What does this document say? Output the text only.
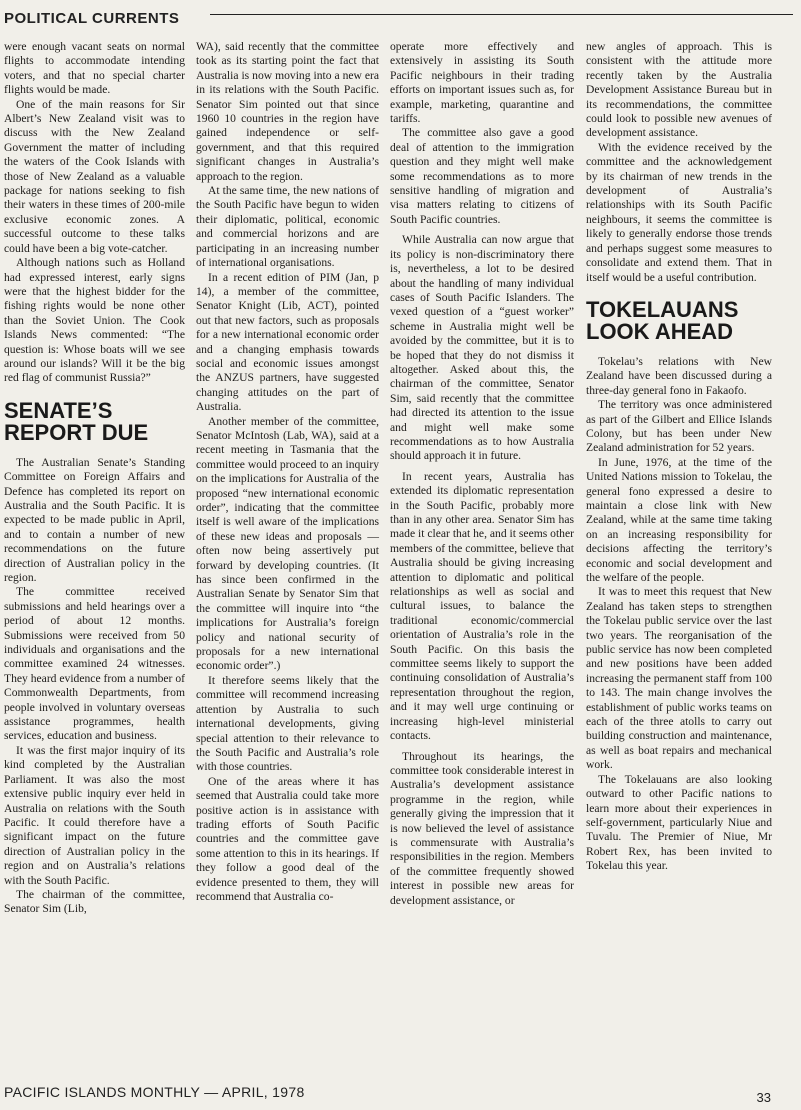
POLITICAL CURRENTS

were enough vacant seats on normal flights to accommodate intending voters, and that no special charter flights would be made.

One of the main reasons for Sir Albert’s New Zealand visit was to discuss with the New Zealand Government the matter of including the waters of the Cook Islands with those of New Zealand as a valuable package for nations seeking to fish their waters in these times of 200-mile exclusive economic zones. A successful outcome to these talks could have been a big vote-catcher.

Although nations such as Holland had expressed interest, early signs were that the highest bidder for the fishing rights would be none other than the Soviet Union. The Cook Islands News commented: “The question is: Whose boats will we see around our islands? Will it be the big red flag of communist Russia?”

SENATE’S REPORT DUE

The Australian Senate’s Standing Committee on Foreign Affairs and Defence has completed its report on Australia and the South Pacific. It is expected to be made public in April, and to contain a number of new recommendations on the future direction of Australian policy in the region.

The committee received submissions and held hearings over a period of about 12 months. Submissions were received from 50 individuals and organisations and the committee examined 24 witnesses. They heard evidence from a number of Commonwealth Departments, from people involved in voluntary overseas assistance programmes, health services, education and business.

It was the first major inquiry of its kind completed by the Australian Parliament. It was also the most extensive public inquiry ever held in Australia on relations with the South Pacific. It could therefore have a significant impact on the future direction of Australian policy in the region and on Australia’s relations with the South Pacific.

The chairman of the committee, Senator Sim (Lib,

WA), said recently that the committee took as its starting point the fact that Australia is now moving into a new era in its relations with the South Pacific. Senator Sim pointed out that since 1960 10 countries in the region have gained independence or self-government, and that this required significant changes in Australia’s approach to the region.

At the same time, the new nations of the South Pacific have begun to widen their diplomatic, political, economic and commercial horizons and are participating in an increasing number of international organisations.

In a recent edition of PIM (Jan, p 14), a member of the committee, Senator Knight (Lib, ACT), pointed out that new factors, such as proposals for a new international economic order and a changing emphasis towards social and economic issues amongst the ANZUS partners, have suggested changing attitudes on the part of Australia.

Another member of the committee, Senator McIntosh (Lab, WA), said at a recent meeting in Tasmania that the committee would proceed to an inquiry on the implications for Australia of the proposed “new international economic order”, indicating that the committee itself is well aware of the implications of these new ideas and proposals — often now being assertively put forward by developing countries. (It has since been confirmed in the Australian Senate by Senator Sim that the committee will inquire into “the implications for Australia’s foreign policy and national security of proposals for a new international economic order”.)

It therefore seems likely that the committee will recommend increasing attention by Australia to such international developments, giving special attention to their relevance to the South Pacific and Australia’s role with those countries.

One of the areas where it has seemed that Australia could take more positive action is in assistance with trading efforts of South Pacific countries and the committee gave some attention to this in its hearings. If they follow a good deal of the evidence presented to them, they will recommend that Australia co-

operate more effectively and extensively in assisting its South Pacific neighbours in their trading efforts on important issues such as, for example, marketing, quarantine and tariffs.

The committee also gave a good deal of attention to the immigration question and they might well make some recommendations as to more sensitive handling of migration and visa matters relating to citizens of South Pacific countries.

While Australia can now argue that its policy is non-discriminatory there is, nevertheless, a lot to be desired about the handling of many individual cases of South Pacific Islanders. The vexed question of a “guest worker” scheme in Australia might well be avoided by the committee, but it is to be hoped that they do not dismiss it altogether. Asked about this, the chairman of the committee, Senator Sim, said recently that the committee had directed its attention to the issue and might well make some recommendations as to how Australia should approach it in future.

In recent years, Australia has extended its diplomatic representation in the South Pacific, probably more than in any other area. Senator Sim has made it clear that he, and it seems other members of the committee, believe that Australia should be giving increasing attention to diplomatic and political relationships as well as social and cultural issues, to balance the traditional economic/commercial orientation of Australia’s role in the South Pacific. On this basis the committee seems likely to support the continuing consolidation of Australia’s representation throughout the region, and it may well urge continuing or increasing high-level ministerial contacts.

Throughout its hearings, the committee took considerable interest in Australia’s development assistance programme in the region, while generally giving the impression that it is now believed the level of assistance is commensurate with Australia’s responsibilities in the region. Members of the committee frequently showed interest in possible new areas for development assistance, or

new angles of approach. This is consistent with the attitude more recently taken by the Australia Development Assistance Bureau but in its recommendations, the committee could look to possible new avenues of development assistance.

With the evidence received by the committee and the acknowledgement by its chairman of new trends in the development of Australia’s relationships with its South Pacific neighbours, it seems the committee is likely to generally endorse those trends and perhaps suggest some measures to consolidate and extend them. That in itself would be a useful contribution.

TOKELAUANS LOOK AHEAD

Tokelau’s relations with New Zealand have been discussed during a three-day general fono in Fakaofo.

The territory was once administered as part of the Gilbert and Ellice Islands Colony, but has been under New Zealand administration for 52 years.

In June, 1976, at the time of the United Nations mission to Tokelau, the general fono expressed a desire to maintain a close link with New Zealand, while at the same time taking on an increasing responsibility for decisions affecting the territory’s economic and social development and the welfare of the people.

It was to meet this request that New Zealand has taken steps to strengthen the Tokelau public service over the last two years. The reorganisation of the public service has now been completed and new positions have been added increasing the permanent staff from 100 to 143. The main change involves the establishment of public works teams on each of the three atolls to carry out building construction and maintenance, as well as boat repairs and mechanical work.

The Tokelauans are also looking outward to other Pacific nations to learn more about their experiences in self-government, particularly Niue and Tuvalu. The Premier of Niue, Mr Robert Rex, has been invited to Tokelau this year.

PACIFIC ISLANDS MONTHLY — APRIL, 1978	33
